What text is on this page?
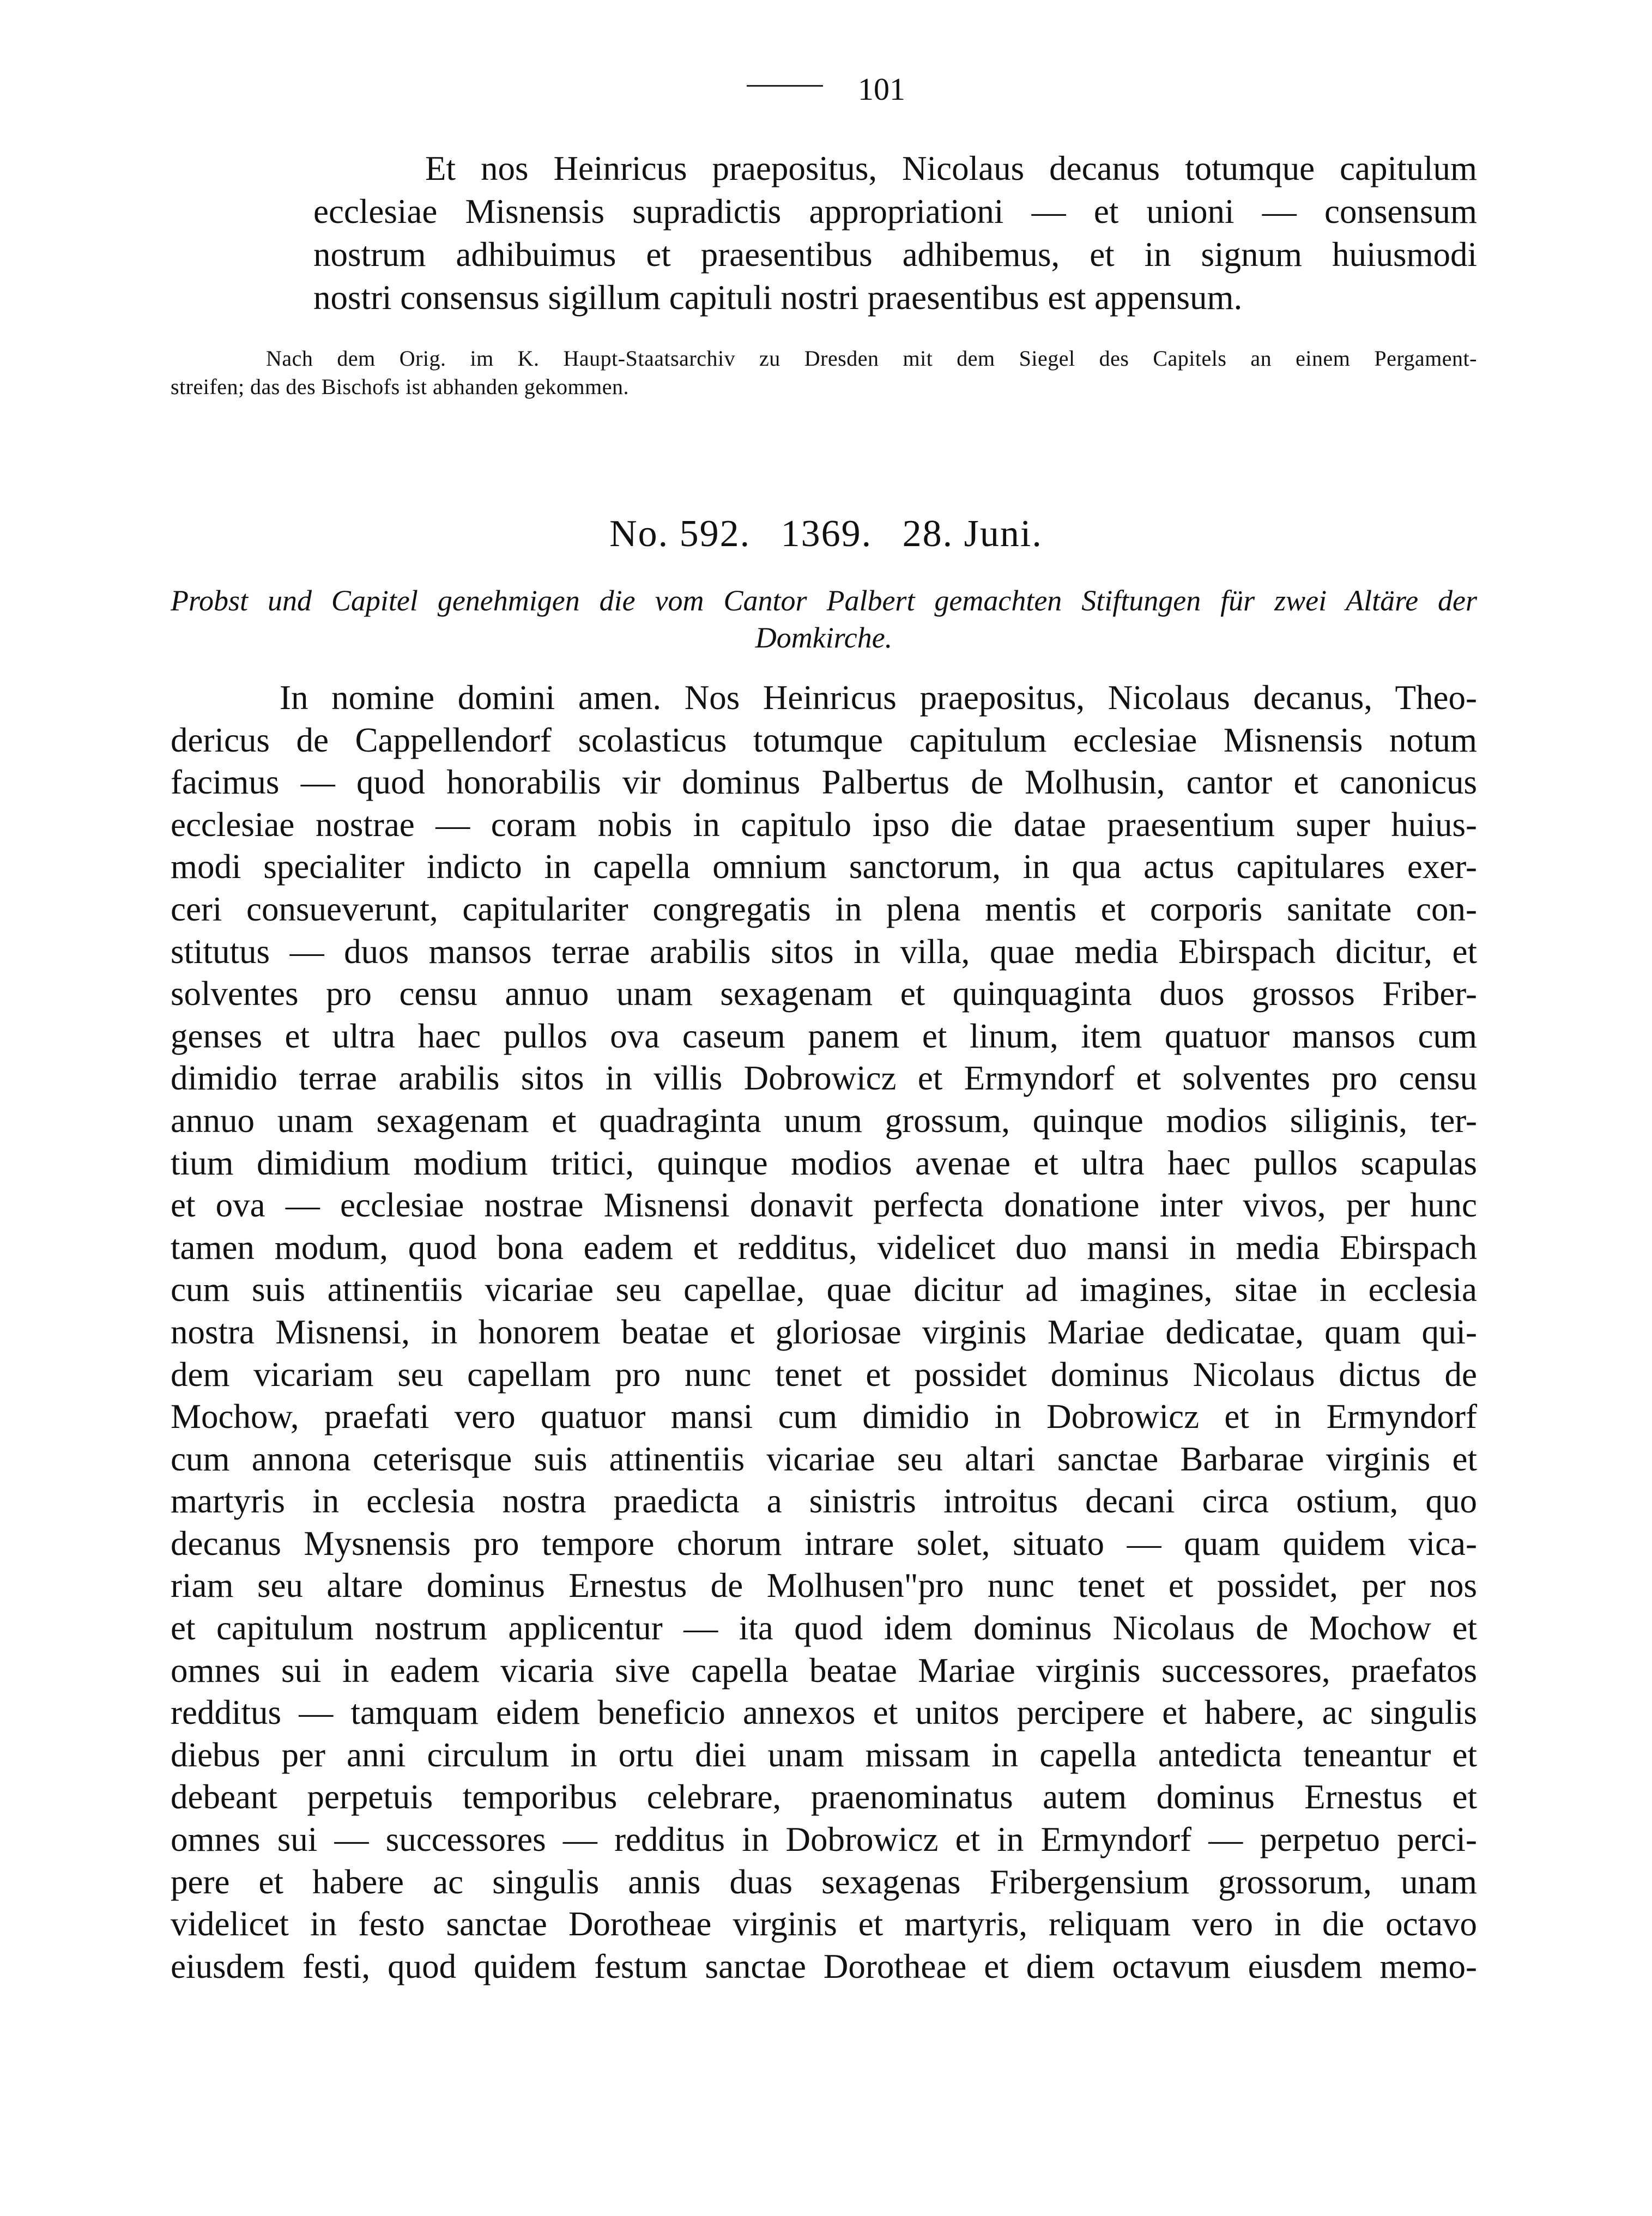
101
Et nos Heinricus praepositus, Nicolaus decanus totumque capitulum
ecclesiae Misnensis supradictis appropriationi — et unioni — consensum
nostrum adhibuimus et praesentibus adhibemus, et in signum huiusmodi
nostri consensus sigillum capituli nostri praesentibus est appensum.
Nach dem Orig. im K. Haupt-Staatsarchiv zu Dresden mit dem Siegel des Capitels an einem Pergament-
streifen; das des Bischofs ist abhanden gekommen.
No. 592. 1369. 28. Juni.
Probst und Capitel genehmigen die vom Cantor Palbert gemachten Stiftungen für zwei Altäre der
Domkirche.
In nomine domini amen. Nos Heinricus praepositus, Nicolaus decanus, Theo-
dericus de Cappellendorf scolasticus totumque capitulum ecclesiae Misnensis notum
facimus — quod honorabilis vir dominus Palbertus de Molhusin, cantor et canonicus
ecclesiae nostrae — coram nobis in capitulo ipso die datae praesentium super huius-
modi specialiter indicto in capella omnium sanctorum, in qua actus capitulares exer-
ceri consueverunt, capitulariter congregatis in plena mentis et corporis sanitate con-
stitutus — duos mansos terrae arabilis sitos in villa, quae media Ebirspach dicitur, et
solventes pro censu annuo unam sexagenam et quinquaginta duos grossos Friber-
genses et ultra haec pullos ova caseum panem et linum, item quatuor mansos cum
dimidio terrae arabilis sitos in villis Dobrowicz et Ermyndorf et solventes pro censu
annuo unam sexagenam et quadraginta unum grossum, quinque modios siliginis, ter-
tium dimidium modium tritici, quinque modios avenae et ultra haec pullos scapulas
et ova — ecclesiae nostrae Misnensi donavit perfecta donatione inter vivos, per hunc
tamen modum, quod bona eadem et redditus, videlicet duo mansi in media Ebirspach
cum suis attinentiis vicariae seu capellae, quae dicitur ad imagines, sitae in ecclesia
nostra Misnensi, in honorem beatae et gloriosae virginis Mariae dedicatae, quam qui-
dem vicariam seu capellam pro nunc tenet et possidet dominus Nicolaus dictus de
Mochow, praefati vero quatuor mansi cum dimidio in Dobrowicz et in Ermyndorf
cum annona ceterisque suis attinentiis vicariae seu altari sanctae Barbarae virginis et
martyris in ecclesia nostra praedicta a sinistris introitus decani circa ostium, quo
decanus Mysnensis pro tempore chorum intrare solet, situato — quam quidem vica-
riam seu altare dominus Ernestus de Molhusen"pro nunc tenet et possidet, per nos
et capitulum nostrum applicentur — ita quod idem dominus Nicolaus de Mochow et
omnes sui in eadem vicaria sive capella beatae Mariae virginis successores, praefatos
redditus — tamquam eidem beneficio annexos et unitos percipere et habere, ac singulis
diebus per anni circulum in ortu diei unam missam in capella antedicta teneantur et
debeant perpetuis temporibus celebrare, praenominatus autem dominus Ernestus et
omnes sui — successores — redditus in Dobrowicz et in Ermyndorf — perpetuo perci-
pere et habere ac singulis annis duas sexagenas Fribergensium grossorum, unam
videlicet in festo sanctae Dorotheae virginis et martyris, reliquam vero in die octavo
eiusdem festi, quod quidem festum sanctae Dorotheae et diem octavum eiusdem memo-
